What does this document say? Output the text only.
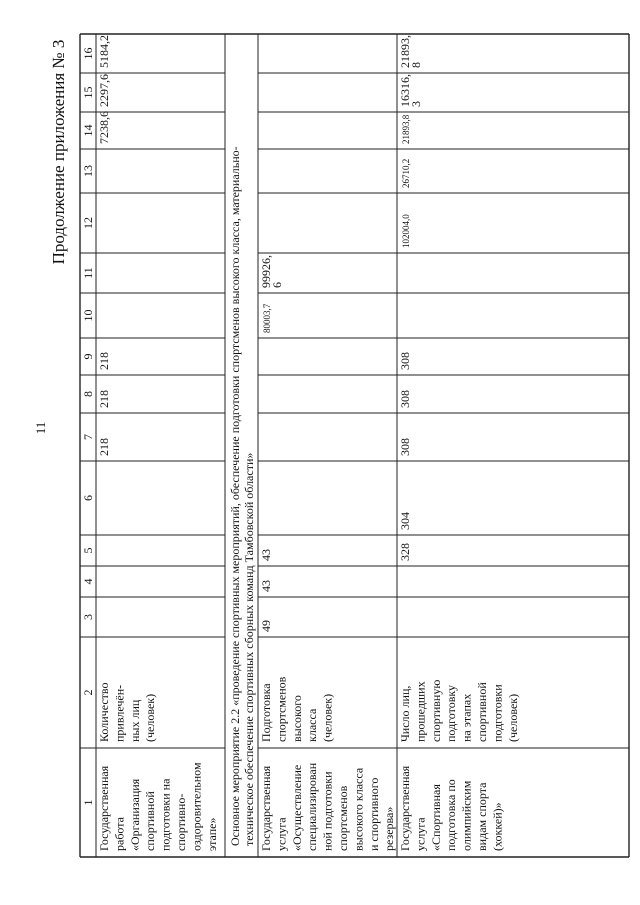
11
Продолжение приложения № 3
1
2
3
4
5
6
7
8
9
10
11
12
13
14
15
16
Основное мероприятие 2.2 «проведение спортивных мероприятий, обеспечение подготовки спортсменов высокого класса, материально- техническое обеспечение спортивных сборных команд Тамбовской области»
Государственная работа «Организация спортивной подготовки на спортивно- оздоровительном этапе»
Количество привлечён- ных лиц (человек)
218
218
218
7238,6
2297,6
5184,2
Государственная услуга «Осуществление специализирован ной подготовки спортсменов высокого класса и спортивного резерва»
Подготовка спортсменов высокого класса (человек)
49
43
43
80003,7
99926,
6
Государственная услуга «Спортивная подготовка по олимпийским видам спорта (хоккей)»
Число лиц, прошедших спортивную подготовку на этапах спортивной подготовки (человек)
328
304
308
308
308
102004,0
26710,2
21893,8
16316,
3
21893,
8
